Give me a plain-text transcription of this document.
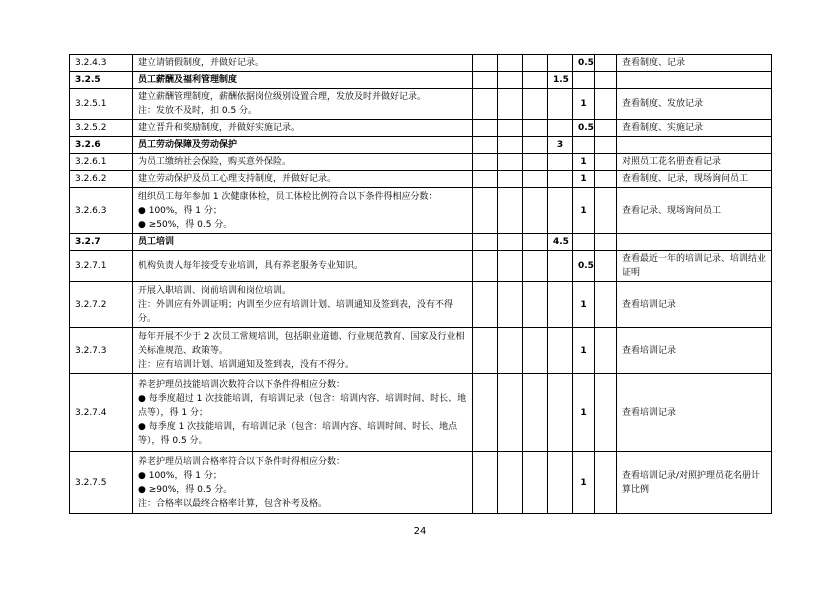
3.2.4.3	建立请销假制度，并做好记录。					0.5		查看制度、记录
3.2.5	员工薪酬及福利管理制度				1.5			
3.2.5.1	建立薪酬管理制度，薪酬依据岗位级别设置合理，发放及时并做好记录。
注：发放不及时，扣 0.5 分。					1		查看制度、发放记录
3.2.5.2	建立晋升和奖励制度，并做好实施记录。					0.5		查看制度、实施记录
3.2.6	员工劳动保障及劳动保护				3			
3.2.6.1	为员工缴纳社会保险，购买意外保险。					1		对照员工花名册查看记录
3.2.6.2	建立劳动保护及员工心理支持制度，并做好记录。					1		查看制度、记录，现场询问员工
3.2.6.3	组织员工每年参加 1 次健康体检，员工体检比例符合以下条件得相应分数：
● 100%，得 1 分；
● ≥50%，得 0.5 分。					1		查看记录、现场询问员工
3.2.7	员工培训				4.5			
3.2.7.1	机构负责人每年接受专业培训，具有养老服务专业知识。					0.5		查看最近一年的培训记录、培训结业证明
3.2.7.2	开展入职培训、岗前培训和岗位培训。
注：外训应有外训证明；内训至少应有培训计划、培训通知及签到表，没有不得
分。					1		查看培训记录
3.2.7.3	每年开展不少于 2 次员工常规培训，包括职业道德、行业规范教育、国家及行业相
关标准规范、政策等。
注：应有培训计划、培训通知及签到表，没有不得分。					1		查看培训记录
3.2.7.4	养老护理员技能培训次数符合以下条件得相应分数：
● 每季度超过 1 次技能培训，有培训记录（包含：培训内容、培训时间、时长、地
点等），得 1 分；
● 每季度 1 次技能培训，有培训记录（包含：培训内容、培训时间、时长、地点
等），得 0.5 分。					1		查看培训记录
3.2.7.5	养老护理员培训合格率符合以下条件时得相应分数：
● 100%，得 1 分；
● ≥90%，得 0.5 分。
注：合格率以最终合格率计算，包含补考及格。					1		查看培训记录/对照护理员花名册计算比例
24
